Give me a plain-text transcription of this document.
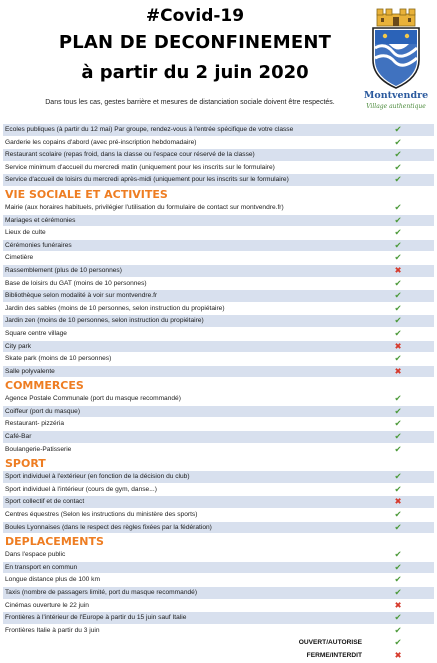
#Covid-19
PLAN DE DECONFINEMENT
à partir du 2 juin 2020
Dans tous les cas, gestes barrière et mesures de distanciation sociale doivent être respectés.
Montvendre
Village authentique
Ecoles publiques (à partir du 12 mai) Par groupe, rendez-vous à l'entrée spécifique de votre classe	✔
Garderie les copains d'abord (avec pré-inscription hebdomadaire)	✔
Restaurant scolaire (repas froid, dans la classe ou l'espace cour réservé de la classe)	✔
Service minimum d'accueil du mercredi matin (uniquement pour les inscrits sur le formulaire)	✔
Service d'accueil de loisirs du mercredi après-midi (uniquement pour les inscrits sur le formulaire)	✔
VIE SOCIALE ET ACTIVITES
Mairie (aux horaires habituels, privilégier l'utilisation du formulaire de contact sur montvendre.fr)	✔
Mariages et cérémonies	✔
Lieux de culte	✔
Cérémonies funéraires	✔
Cimetière	✔
Rassemblement (plus de 10 personnes)	✖
Base de loisirs du GAT (moins de 10 personnes)	✔
Bibliothèque selon modalité à voir sur montvendre.fr	✔
Jardin des sables (moins de 10 personnes, selon instruction du propiétaire)	✔
Jardin zen (moins de 10 personnes, selon instruction du propiétaire)	✔
Square centre village	✔
City park	✖
Skate park (moins de 10 personnes)	✔
Salle polyvalente	✖
COMMERCES
Agence Postale Communale (port du masque recommandé)	✔
Coiffeur (port du masque)	✔
Restaurant- pizzéria	✔
Café-Bar	✔
Boulangerie-Patisserie	✔
SPORT
Sport individuel à l'extérieur (en fonction de la décision du club)	✔
Sport individuel à l'intérieur (cours de gym, danse...)	✔
Sport collectif et de contact	✖
Centres équestres (Selon les instructions du ministère des sports)	✔
Boules Lyonnaises (dans le respect des règles fixées par la fédération)	✔
DEPLACEMENTS
Dans l'espace public	✔
En transport en commun	✔
Longue distance plus de 100 km	✔
Taxis (nombre de passagers limité, port du masque recommandé)	✔
Cinémas ouverture le 22 juin	✖
Frontières à l'intérieur de l'Europe à partir du 15 juin sauf Italie	✔
Frontières Italie à partir du 3 juin	✔
OUVERT/AUTORISE	✔
FERME/INTERDIT	✖
